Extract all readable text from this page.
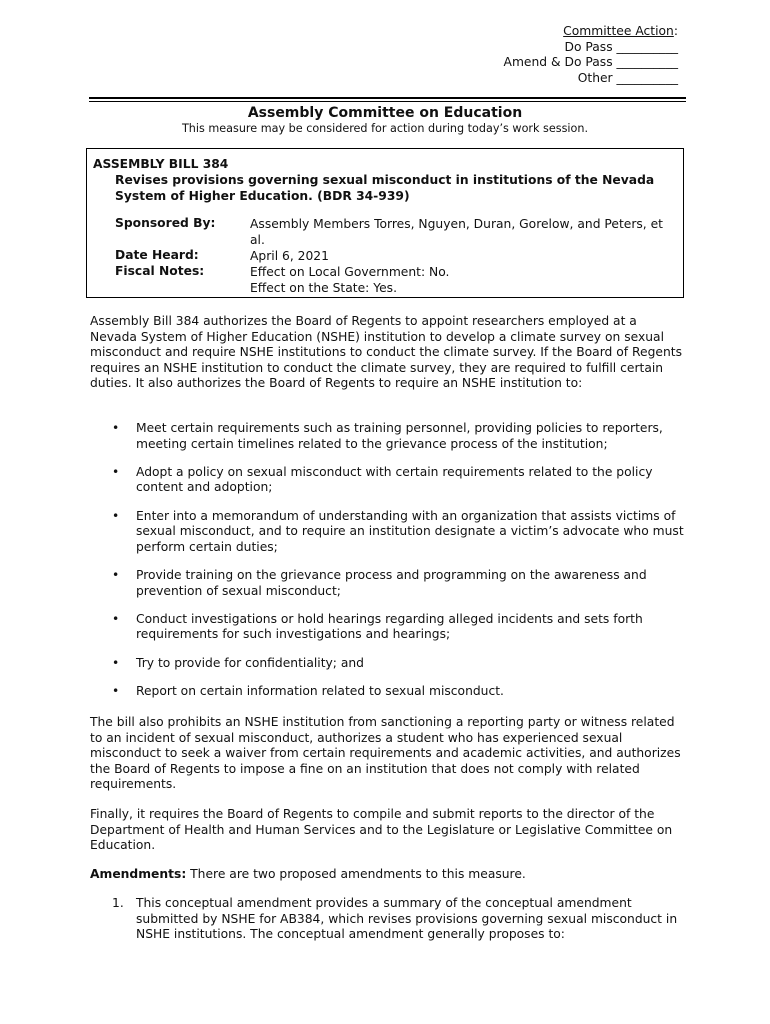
Committee Action:
Do Pass __________
Amend & Do Pass __________
Other __________
Assembly Committee on Education
This measure may be considered for action during today’s work session.
ASSEMBLY BILL 384
Revises provisions governing sexual misconduct in institutions of the Nevada System of Higher Education. (BDR 34-939)
Sponsored By:	Assembly Members Torres, Nguyen, Duran, Gorelow, and Peters, et al.
Date Heard:	April 6, 2021
Fiscal Notes:	Effect on Local Government: No.
Effect on the State: Yes.
Assembly Bill 384 authorizes the Board of Regents to appoint researchers employed at a Nevada System of Higher Education (NSHE) institution to develop a climate survey on sexual misconduct and require NSHE institutions to conduct the climate survey. If the Board of Regents requires an NSHE institution to conduct the climate survey, they are required to fulfill certain duties. It also authorizes the Board of Regents to require an NSHE institution to:
• Meet certain requirements such as training personnel, providing policies to reporters, meeting certain timelines related to the grievance process of the institution;
• Adopt a policy on sexual misconduct with certain requirements related to the policy content and adoption;
• Enter into a memorandum of understanding with an organization that assists victims of sexual misconduct, and to require an institution designate a victim’s advocate who must perform certain duties;
• Provide training on the grievance process and programming on the awareness and prevention of sexual misconduct;
• Conduct investigations or hold hearings regarding alleged incidents and sets forth requirements for such investigations and hearings;
• Try to provide for confidentiality; and
• Report on certain information related to sexual misconduct.
The bill also prohibits an NSHE institution from sanctioning a reporting party or witness related to an incident of sexual misconduct, authorizes a student who has experienced sexual misconduct to seek a waiver from certain requirements and academic activities, and authorizes the Board of Regents to impose a fine on an institution that does not comply with related requirements.
Finally, it requires the Board of Regents to compile and submit reports to the director of the Department of Health and Human Services and to the Legislature or Legislative Committee on Education.
Amendments: There are two proposed amendments to this measure.
1. This conceptual amendment provides a summary of the conceptual amendment submitted by NSHE for AB384, which revises provisions governing sexual misconduct in NSHE institutions. The conceptual amendment generally proposes to:
